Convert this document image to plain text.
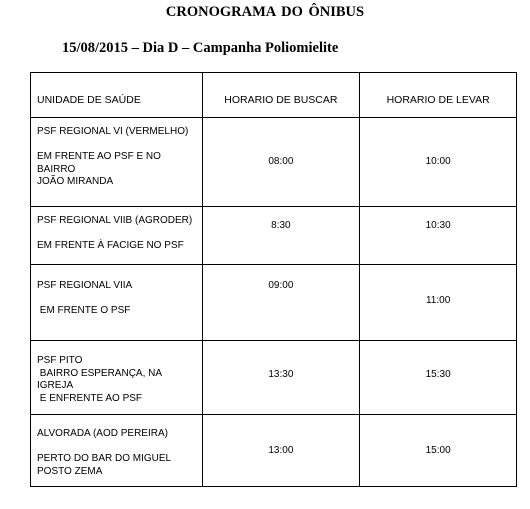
CRONOGRAMA DO ÔNIBUS
15/08/2015 – Dia D – Campanha Poliomielite
UNIDADE DE SAÚDE	HORARIO DE BUSCAR	HORARIO DE LEVAR

PSF REGIONAL VI (VERMELHO)
EM FRENTE AO PSF E NO
BAIRRO
JOÃO MIRANDA	08:00	10:00

PSF REGIONAL VIIB (AGRODER)
EM FRENTE À FACIGE NO PSF	8:30	10:30

PSF REGIONAL VIIA
EM FRENTE O PSF	09:00	11:00

PSF PITO
BAIRRO ESPERANÇA, NA
IGREJA
E ENFRENTE AO PSF	13:30	15:30

ALVORADA (AOD PEREIRA)
PERTO DO BAR DO MIGUEL
POSTO ZEMA	13:00	15:00
